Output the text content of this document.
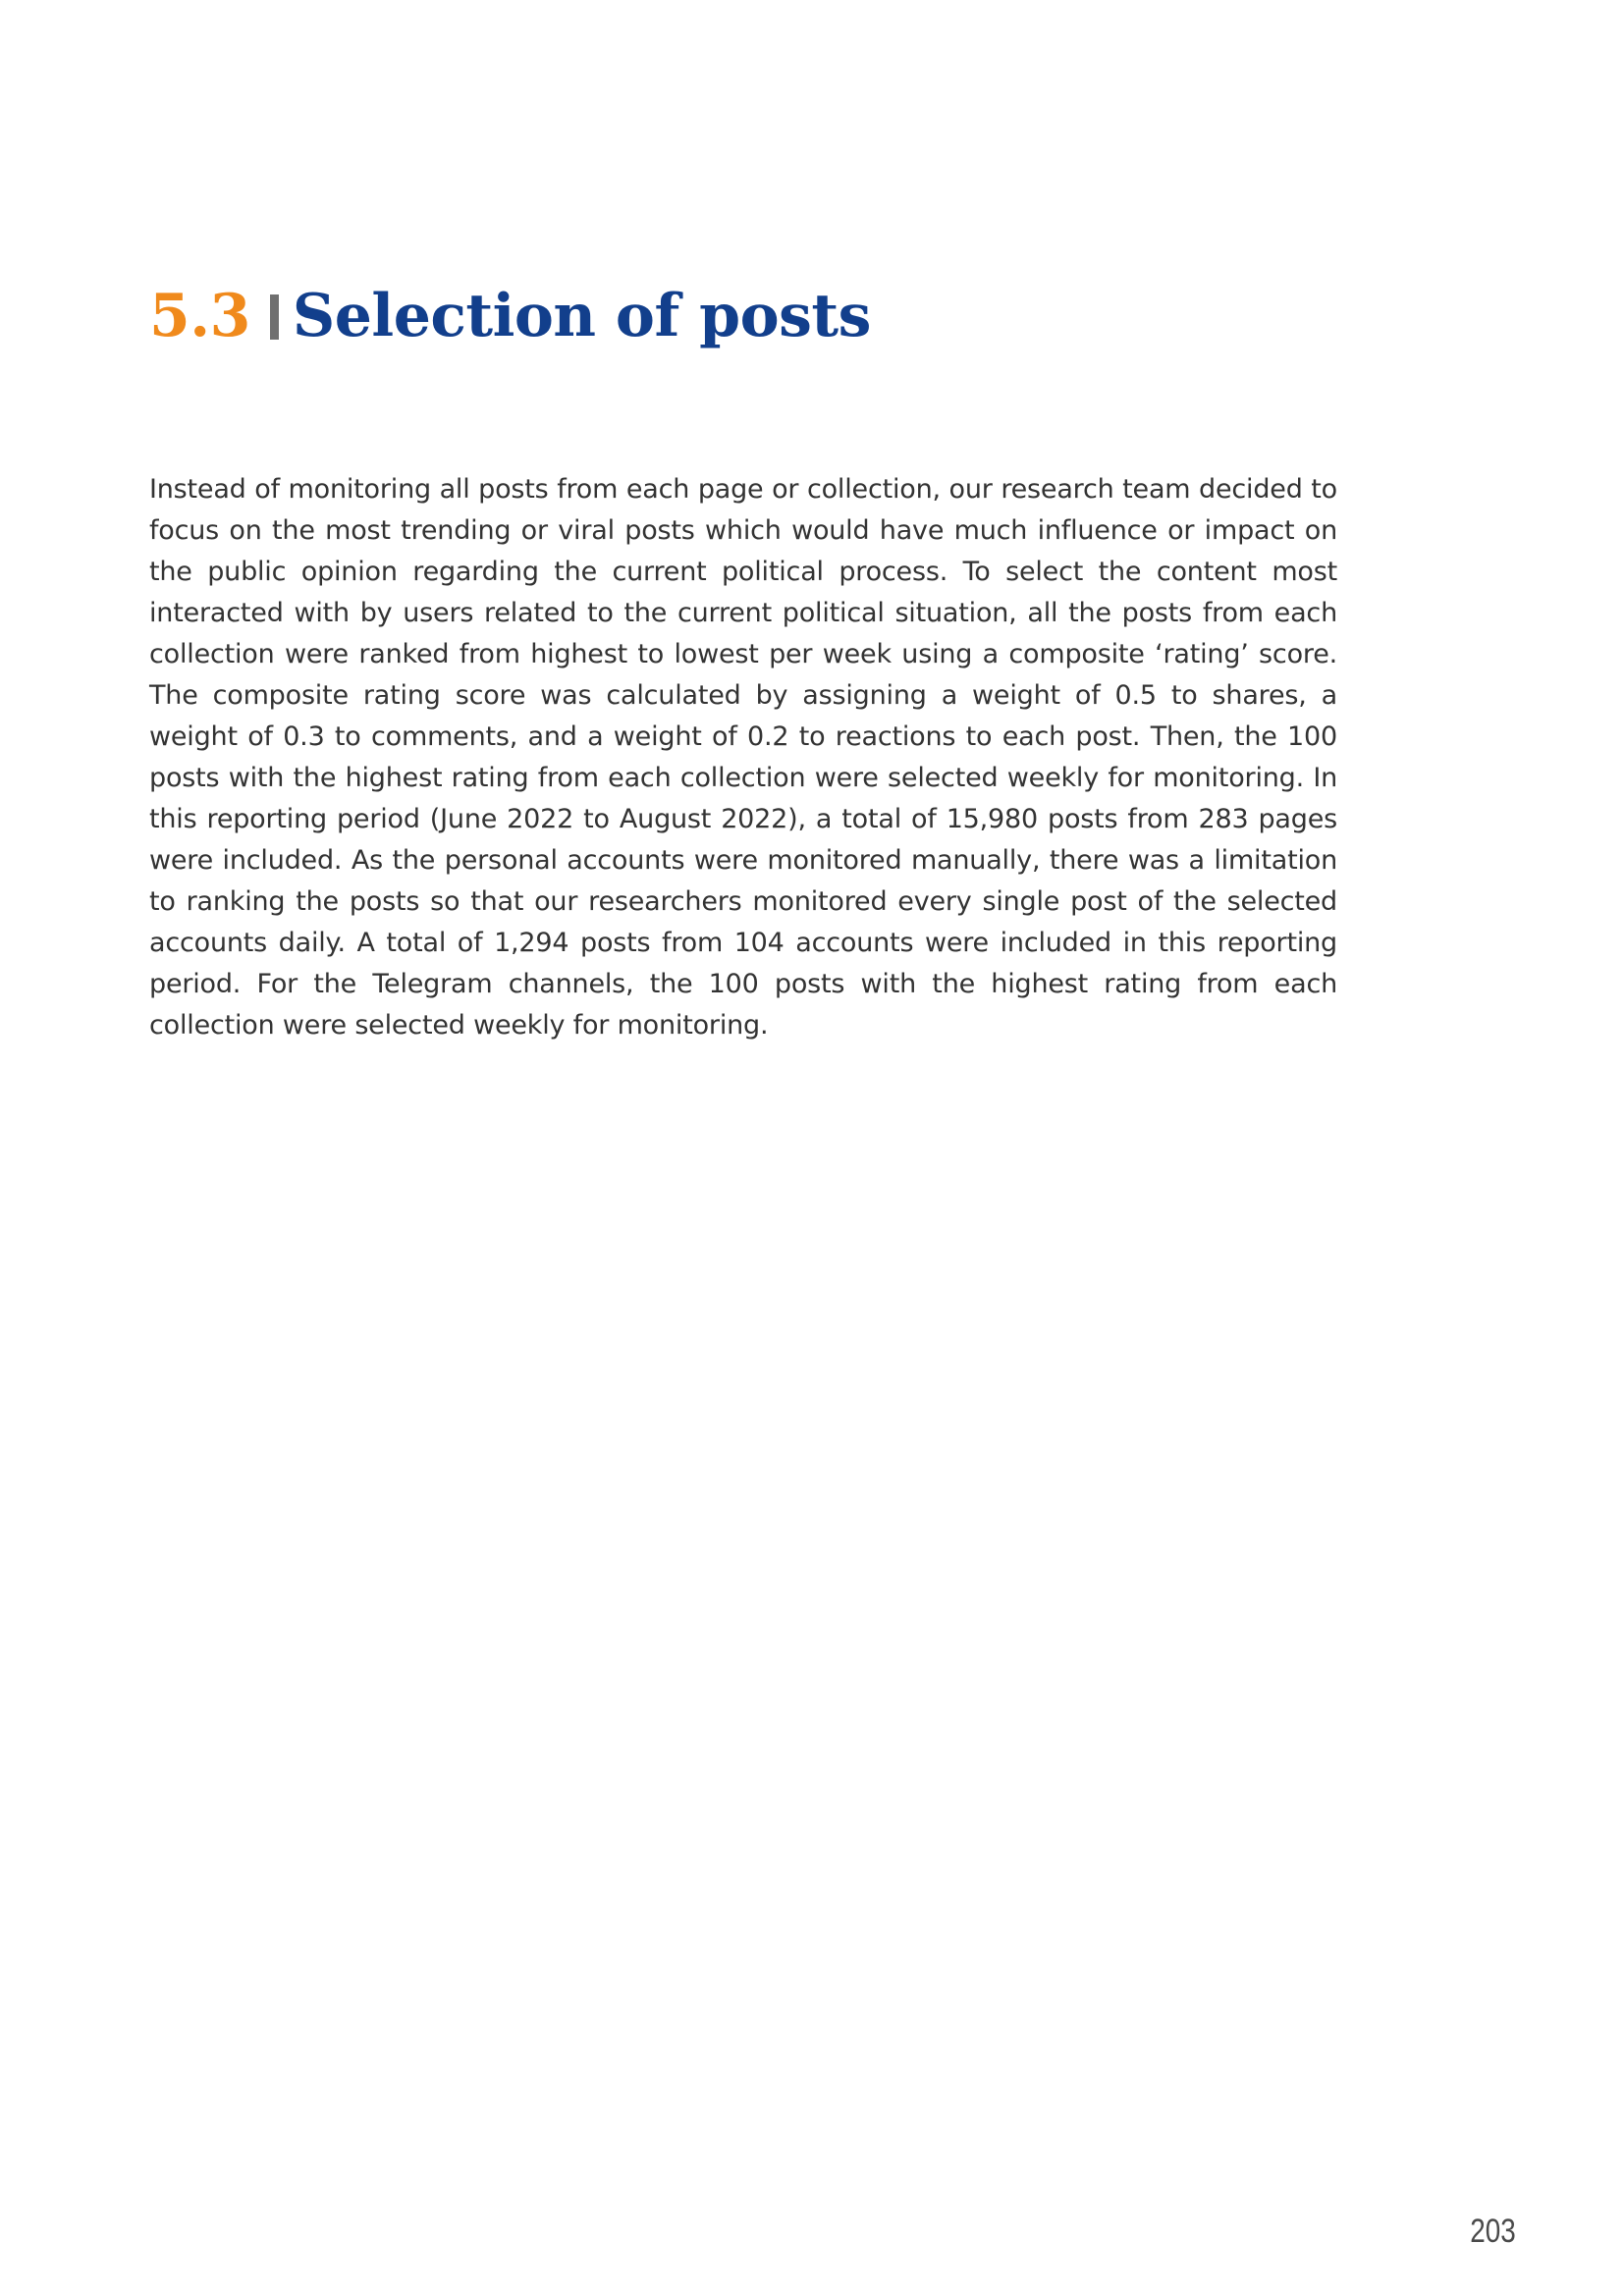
5.3 Selection of posts

Instead of monitoring all posts from each page or collection, our research team decided to focus on the most trending or viral posts which would have much influence or impact on the public opinion regarding the current political process. To select the content most interacted with by users related to the current political situation, all the posts from each collection were ranked from highest to lowest per week using a composite ‘rating’ score. The composite rating score was calculated by assigning a weight of 0.5 to shares, a weight of 0.3 to comments, and a weight of 0.2 to reactions to each post. Then, the 100 posts with the highest rating from each collection were selected weekly for monitoring. In this reporting period (June 2022 to August 2022), a total of 15,980 posts from 283 pages were included. As the personal accounts were monitored manually, there was a limitation to ranking the posts so that our researchers monitored every single post of the selected accounts daily. A total of 1,294 posts from 104 accounts were included in this reporting period. For the Telegram channels, the 100 posts with the highest rating from each collection were selected weekly for monitoring.

203
